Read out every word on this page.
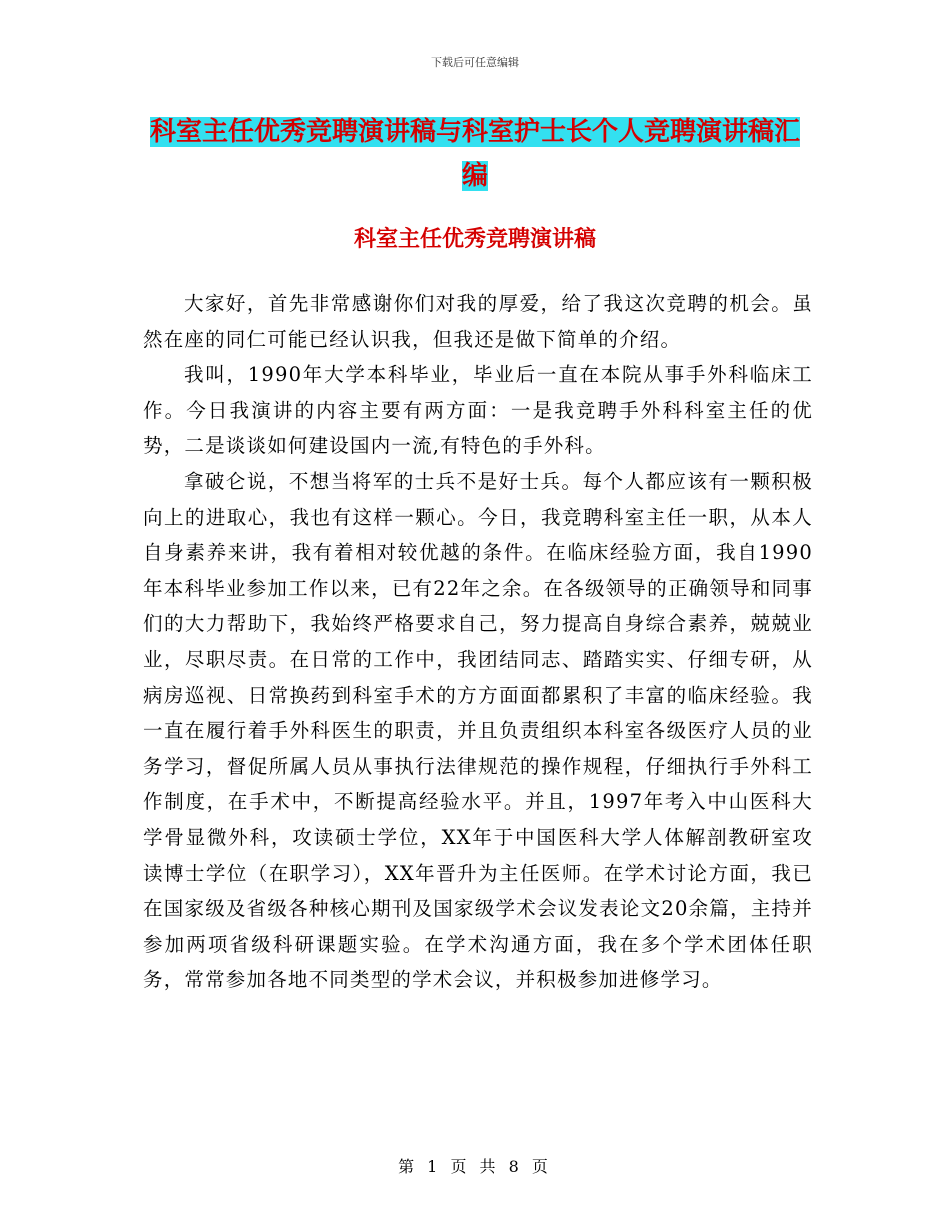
下载后可任意编辑
科室主任优秀竞聘演讲稿与科室护士长个人竞聘演讲稿汇编
科室主任优秀竞聘演讲稿

大家好，首先非常感谢你们对我的厚爱，给了我这次竞聘的机会。虽然在座的同仁可能已经认识我，但我还是做下简单的介绍。

我叫，1990年大学本科毕业，毕业后一直在本院从事手外科临床工作。今日我演讲的内容主要有两方面：一是我竞聘手外科科室主任的优势，二是谈谈如何建设国内一流,有特色的手外科。

拿破仑说，不想当将军的士兵不是好士兵。每个人都应该有一颗积极向上的进取心，我也有这样一颗心。今日，我竞聘科室主任一职，从本人自身素养来讲，我有着相对较优越的条件。在临床经验方面，我自1990年本科毕业参加工作以来，已有22年之余。在各级领导的正确领导和同事们的大力帮助下，我始终严格要求自己，努力提高自身综合素养，兢兢业业，尽职尽责。在日常的工作中，我团结同志、踏踏实实、仔细专研，从病房巡视、日常换药到科室手术的方方面面都累积了丰富的临床经验。我一直在履行着手外科医生的职责，并且负责组织本科室各级医疗人员的业务学习，督促所属人员从事执行法律规范的操作规程，仔细执行手外科工作制度，在手术中，不断提高经验水平。并且，1997年考入中山医科大学骨显微外科，攻读硕士学位，XX年于中国医科大学人体解剖教研室攻读博士学位（在职学习），XX年晋升为主任医师。在学术讨论方面，我已在国家级及省级各种核心期刊及国家级学术会议发表论文20余篇，主持并参加两项省级科研课题实验。在学术沟通方面，我在多个学术团体任职务，常常参加各地不同类型的学术会议，并积极参加进修学习。

第 1 页 共 8 页
